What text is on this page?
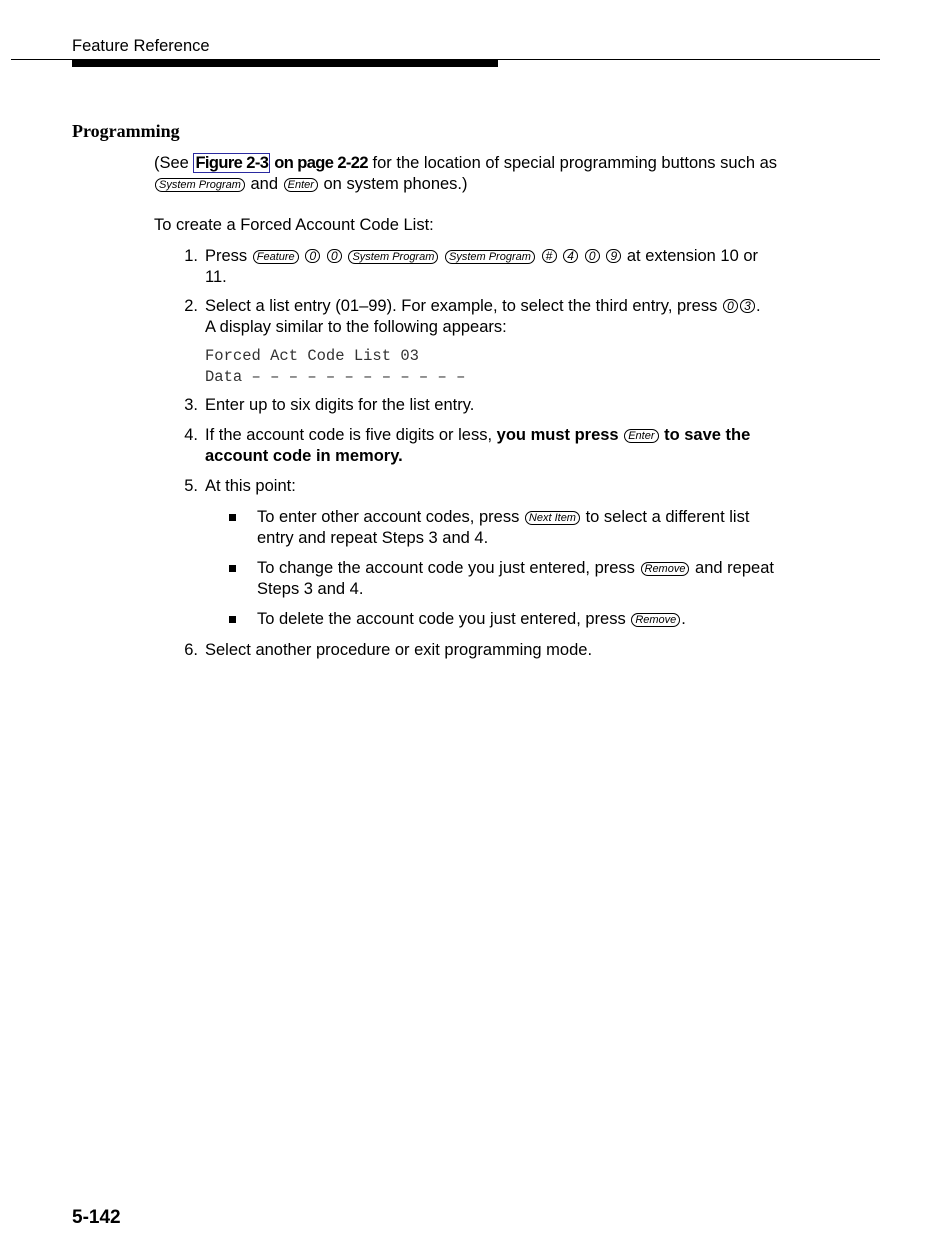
Feature Reference
Programming
(See Figure 2-3 on page 2-22 for the location of special programming buttons such as System Program and Enter on system phones.)
To create a Forced Account Code List:
1. Press Feature 0 0 System Program System Program # 4 0 9 at extension 10 or 11.
2. Select a list entry (01–99). For example, to select the third entry, press 0 3 . A display similar to the following appears:
Forced Act Code List 03
Data – – – – – – – – – – – –
3. Enter up to six digits for the list entry.
4. If the account code is five digits or less, you must press Enter to save the account code in memory.
5. At this point:
To enter other account codes, press Next Item to select a different list entry and repeat Steps 3 and 4.
To change the account code you just entered, press Remove and repeat Steps 3 and 4.
To delete the account code you just entered, press Remove .
6. Select another procedure or exit programming mode.
5-142
